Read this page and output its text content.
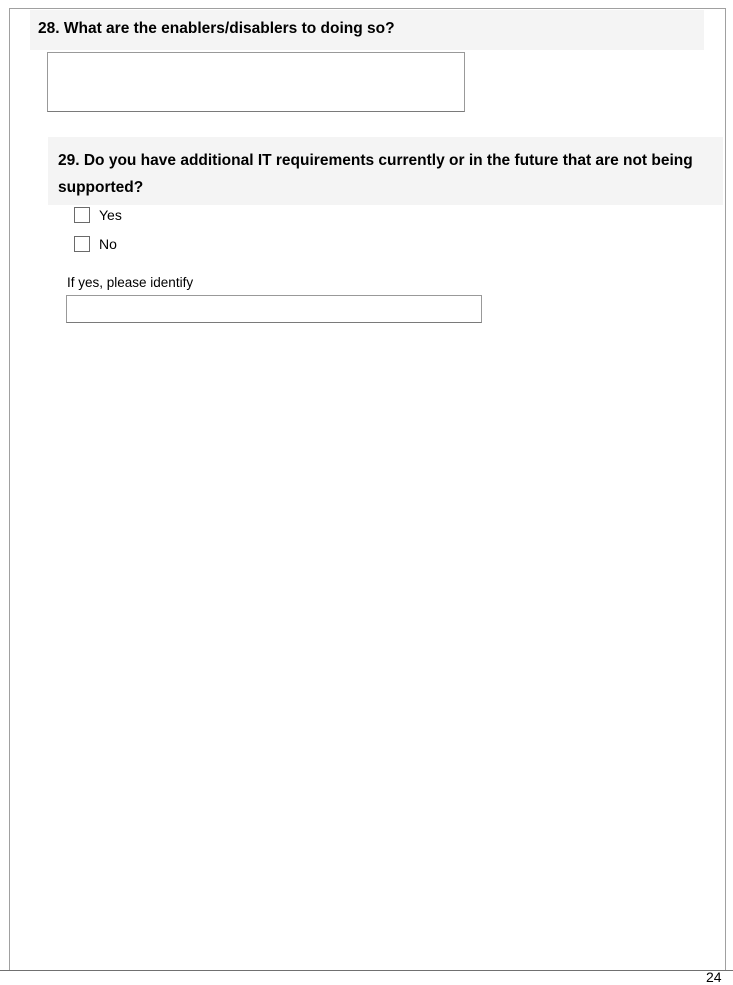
28. What are the enablers/disablers to doing so?
29. Do you have additional IT requirements currently or in the future that are not being supported?
Yes
No
If yes, please identify
24
